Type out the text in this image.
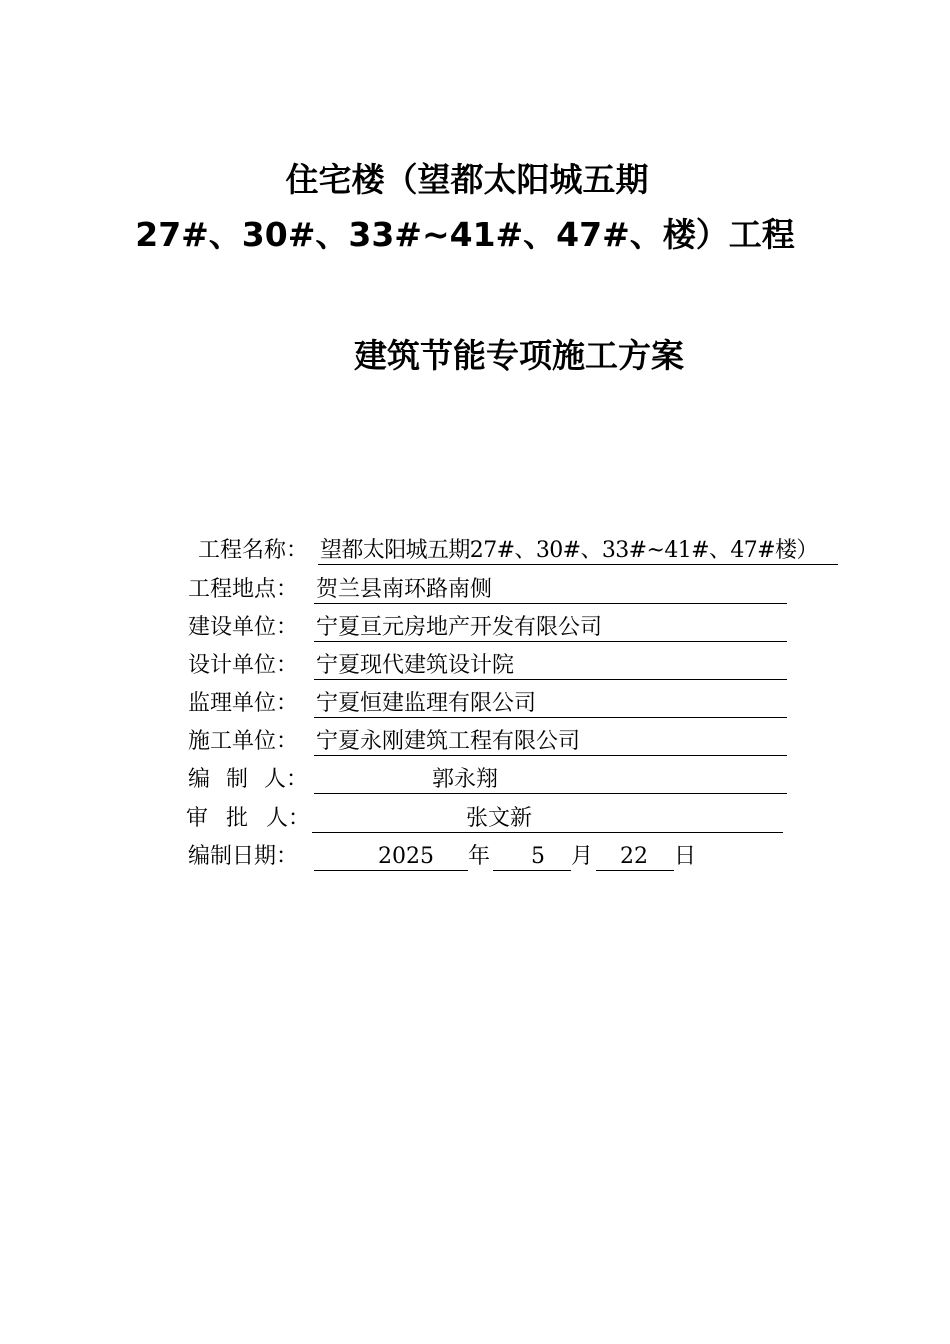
住宅楼（望都太阳城五期
27#、30#、33#~41#、47#、楼）工程
建筑节能专项施工方案
工程名称： 望都太阳城五期27#、30#、33#~41#、47#楼）
工程地点： 贺兰县南环路南侧
建设单位： 宁夏亘元房地产开发有限公司
设计单位： 宁夏现代建筑设计院
监理单位： 宁夏恒建监理有限公司
施工单位： 宁夏永刚建筑工程有限公司
编 制 人：	郭永翔
审 批 人：	张文新
编制日期：	2025 年 5 月 22 日
